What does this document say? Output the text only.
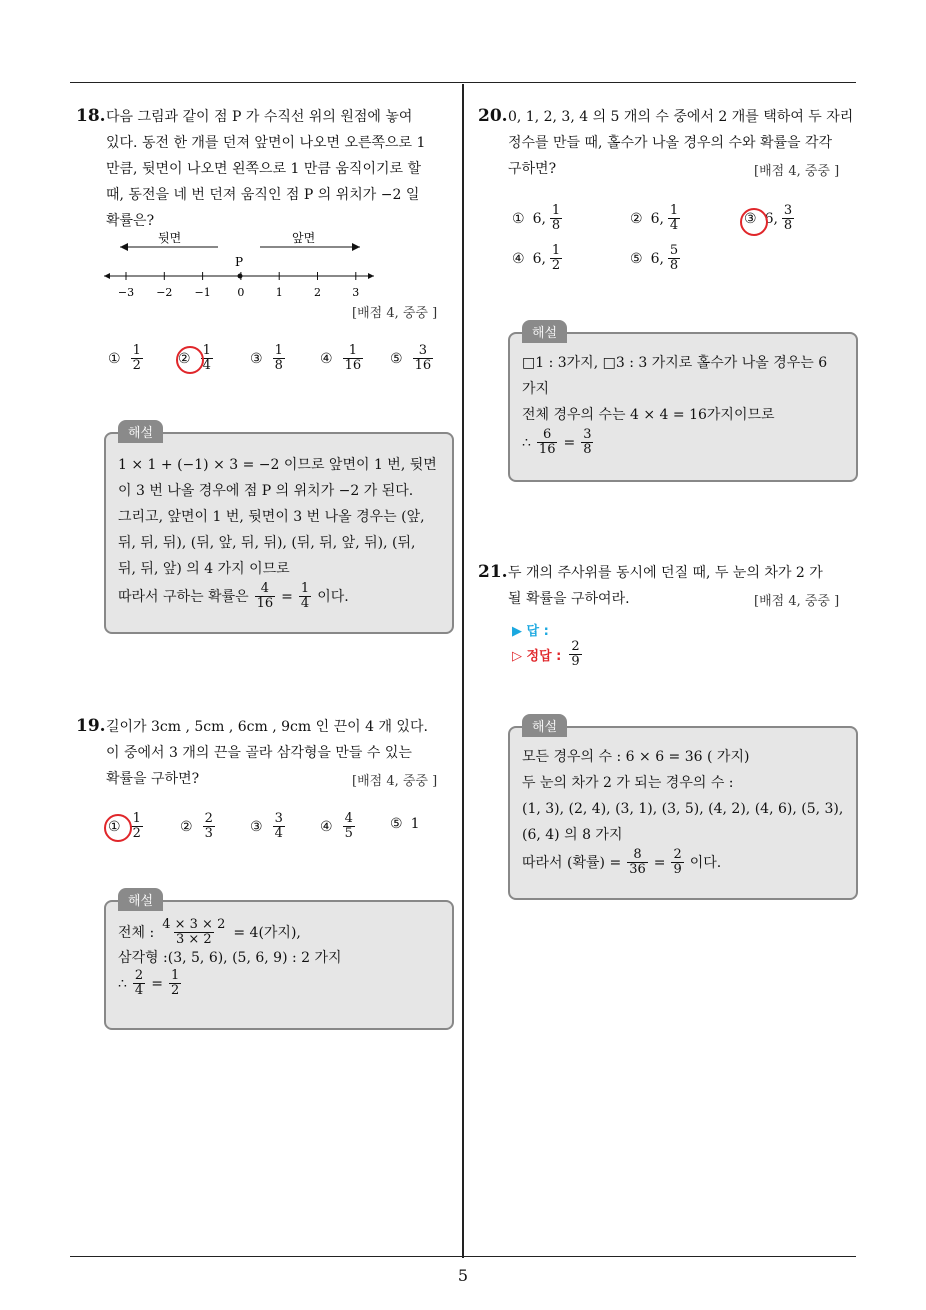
5
18. 다음 그림과 같이 점 P 가 수직선 위의 원점에 놓여
있다. 동전 한 개를 던져 앞면이 나오면 오른쪽으로 1
만큼, 뒷면이 나오면 왼쪽으로 1 만큼 움직이기로 할
때, 동전을 네 번 던져 움직인 점 P 의 위치가 −2 일
확률은?
뒷면	앞면
P
−3 −2 −1 0	1	2	3
[배점 4, 중중 ]
① $\frac{1}{2}$	② $\frac{1}{4}$	③ $\frac{1}{8}$	④ $\frac{1}{16}$ ⑤ $\frac{3}{16}$
해설
1 × 1 + (−1) × 3 = −2 이므로 앞면이 1 번, 뒷면
이 3 번 나올 경우에 점 P 의 위치가 −2 가 된다.
그리고, 앞면이 1 번, 뒷면이 3 번 나올 경우는 (앞,
뒤, 뒤, 뒤), (뒤, 앞, 뒤, 뒤), (뒤, 뒤, 앞, 뒤), (뒤,
뒤, 뒤, 앞) 의 4 가지 이므로
따라서 구하는 확률은 $\frac{4}{16} = \frac{1}{4}$ 이다.
19. 길이가 3cm , 5cm , 6cm , 9cm 인 끈이 4 개 있다.
이 중에서 3 개의 끈을 골라 삼각형을 만들 수 있는
확률을 구하면?	[배점 4, 중중 ]
① $\frac{1}{2}$	② $\frac{2}{3}$	③ $\frac{3}{4}$	④ $\frac{4}{5}$	⑤ 1
해설
전체 : $\frac{4 \times 3 \times 2}{3 \times 2} = 4$(가지),
삼각형 :(3, 5, 6), (5, 6, 9) : 2 가지
∴ $\frac{2}{4} = \frac{1}{2}$
20. 0, 1, 2, 3, 4 의 5 개의 수 중에서 2 개를 택하여 두 자리
정수를 만들 때, 홀수가 나올 경우의 수와 확률을 각각
구하면?	[배점 4, 중중 ]
① 6, $\frac{1}{8}$	② 6, $\frac{1}{4}$	③ 6, $\frac{3}{8}$
④ 6, $\frac{1}{2}$	⑤ 6, $\frac{5}{8}$
해설
□1 : 3가지, □3 : 3 가지로 홀수가 나올 경우는 6
가지
전체 경우의 수는 4 × 4 = 16가지이므로
∴ $\frac{6}{16} = \frac{3}{8}$
21. 두 개의 주사위를 동시에 던질 때, 두 눈의 차가 2 가
될 확률을 구하여라.	[배점 4, 중중 ]
▶ 답 :
▷ 정답 : $\frac{2}{9}$
해설
모든 경우의 수 : 6 × 6 = 36 ( 가지)
두 눈의 차가 2 가 되는 경우의 수 :
(1, 3), (2, 4), (3, 1), (3, 5), (4, 2), (4, 6), (5, 3),
(6, 4) 의 8 가지
따라서 (확률) = $\frac{8}{36} = \frac{2}{9}$ 이다.
